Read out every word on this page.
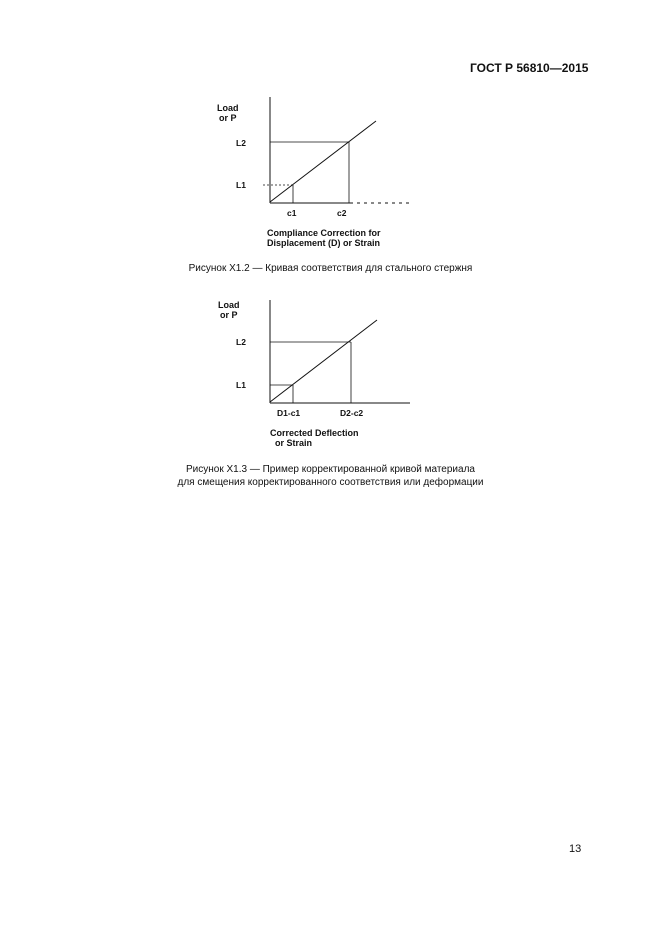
ГОСТ Р 56810—2015
Load
or P
L2
L1
c1	c2
Compliance Correction for
Displacement (D) or Strain
Load
or P
L2
L1
D1-c1	D2-c2
Corrected Deflection
or Strain
Рисунок X1.2 — Кривая соответствия для стального стержня
Рисунок X1.3 — Пример корректированной кривой материала
для смещения корректированного соответствия или деформации
13
